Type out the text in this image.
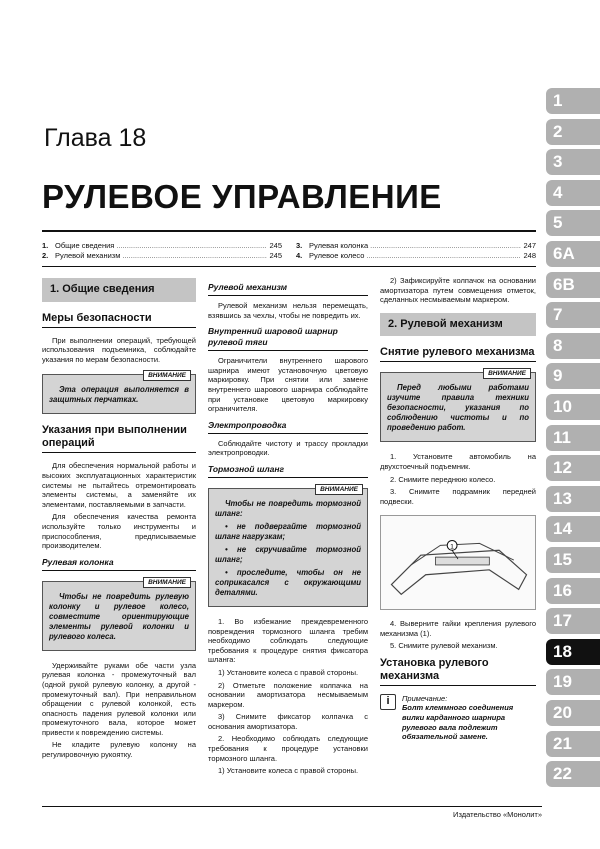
Глава 18
РУЛЕВОЕ УПРАВЛЕНИЕ
1. Общие сведения .....	245
2. Рулевой механизм .....	245
3. Рулевая колонка .....	247
4. Рулевое колесо .....	248
1. Общие сведения
Меры безопасности

При выполнении операций, требующей использования подъемника, соблюдайте указания по мерам безопасности.

ВНИМАНИЕ

Эта операция выполняется в защитных перчатках.

Указания при выполнении операций

Для обеспечения нормальной работы и высоких эксплуатационных характеристик системы не пытайтесь отремонтировать элементы системы, а заменяйте их элементами, поставляемыми в запчасти.

Для обеспечения качества ремонта используйте только инструменты и приспособления, предписываемые производителем.

Рулевая колонка
ВНИМАНИЕ

Чтобы не повредить рулевую колонку и рулевое колесо, совместите ориентирующие элементы рулевой колонки и рулевого колеса.

Удерживайте руками обе части узла рулевая колонка - промежуточный вал (одной рукой рулевую колонку, а другой - промежуточный вал). При неправильном обращении с рулевой колонкой, есть опасность падения рулевой колонки или промежуточного вала, которое может привести к повреждению системы.

Не кладите рулевую колонку на регулировочную рукоятку.

Рулевой механизм

Рулевой механизм нельзя перемещать, взявшись за чехлы, чтобы не повредить их.

Внутренний шаровой шарнир рулевой тяги

Ограничители внутреннего шарового шарнира имеют установочную цветовую маркировку. При снятии или замене внутреннего шарового шарнира соблюдайте при установке цветовую маркировку ограничителя.

Электропроводка

Соблюдайте чистоту и трассу прокладки электропроводки.

Тормозной шланг
ВНИМАНИЕ

Чтобы не повредить тормозной шланг:

• не подвергайте тормозной шланг нагрузкам;

• не скручивайте тормозной шланг;

• проследите, чтобы он не соприкасался с окружающими деталями.

1. Во избежание преждевременного повреждения тормозного шланга требим необходимо соблюдать следующие требования к процедуре снятия фиксатора шланга:

1) Установите колеса с правой стороны.

2) Отметьте положение колпачка на основании амортизатора несмываемым маркером.

3) Снимите фиксатор колпачка с основания амортизатора.

2. Необходимо соблюдать следующие требования к процедуре установки тормозного шланга.

1) Установите колеса с правой стороны.

2) Зафиксируйте колпачок на основании амортизатора путем совмещения отметок, сделанных несмываемым маркером.

2. Рулевой механизм
Снятие рулевого механизма
ВНИМАНИЕ

Перед любыми работами изучите правила техники безопасности, указания по соблюдению чистоты и по проведению работ.

1. Установите автомобиль на двухстоечный подъемник.

2. Снимите переднюю колесо.

3. Снимите подрамник передней подвески.

1

4. Выверните гайки крепления рулевого механизма (1).

5. Снимите рулевой механизм.

Установка рулевого механизма
i	Примечание:
Болт клеммного соединения вилки карданного шарнира рулевого вала подлежит обязательной замене.
1
2
3
4
5
6A
6B
7
8
9
10
11
12
13
14
15
16
17
18
19
20
21
22
Издательство «Монолит»
